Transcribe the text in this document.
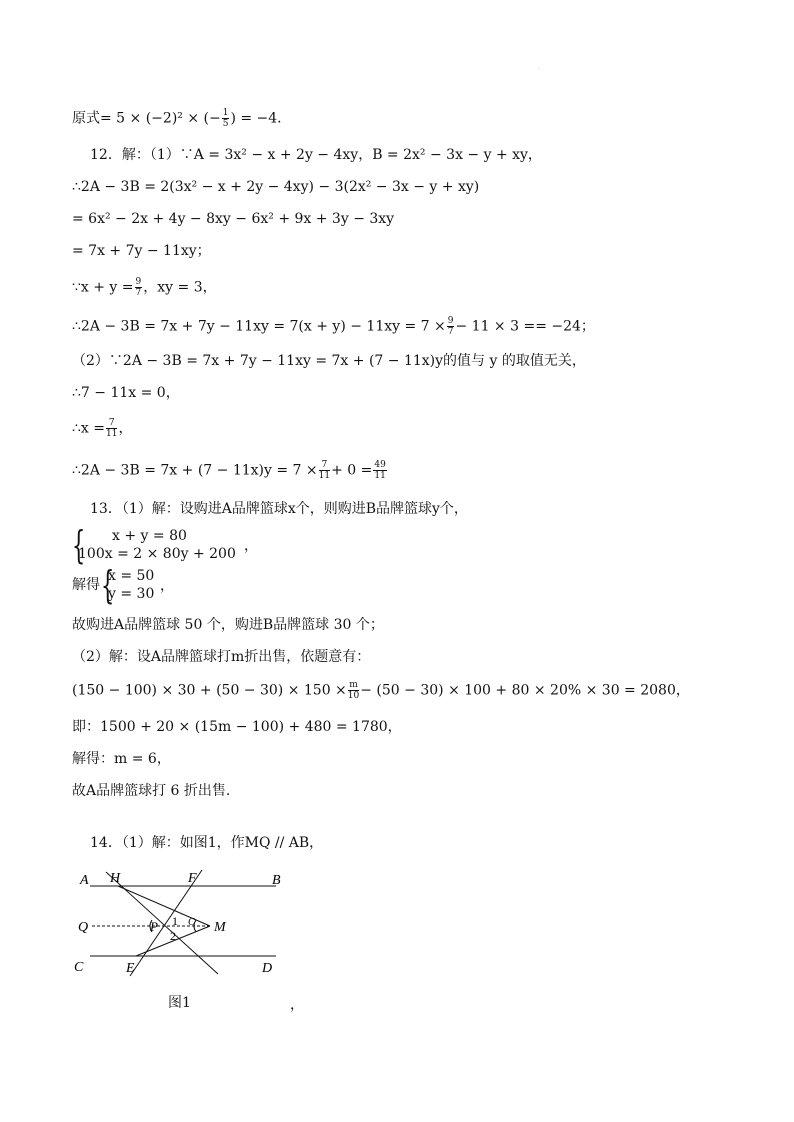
·
原式= 5 × (−2)² × (− $\frac{1}{5}$ ) = −4.
12．解：（1）∵A = 3x² − x + 2y − 4xy，B = 2x² − 3x − y + xy，
∴2A − 3B = 2(3x² − x + 2y − 4xy) − 3(2x² − 3x − y + xy)
= 6x² − 2x + 4y − 8xy − 6x² + 9x + 3y − 3xy
= 7x + 7y − 11xy；
∵x + $y = \frac{9}{7}$ ，xy = 3，
∴2A − $3B = 7x + 7y - 11xy = 7(x + y) - 11xy = 7 \times \frac{9}{7} - 11 \times 3 == -24$；
（2）∵2A − 3B = 7x + 7y − 11xy = 7x + (7 − 11x)y的值与 y 的取值无关，
∴7 − 11x = 0，
∴x = $\frac{7}{11}$ ，
∴2A − $3B = 7x + (7 - 11x)y = 7 \times \frac{7}{11} + 0 = \frac{49}{11}$
13．（1）解：设购进A品牌篮球x个，则购进B品牌篮球y个，
{ x + y = 80
100x = 2 × 80y + 200 ，
解得 {
x = 50
y = 30 ，
故购进A品牌篮球 50 个，购进B品牌篮球 30 个；
（2）解：设A品牌篮球打m折出售，依题意有：
$(150 - 100) \times 30 + (50 - 30) \times 150 \times \frac{m}{10} - (50 - 30) \times 100 + 80 \times 20\% \times 30 = 2080$，
即：1500 + 20 × (15m − 100) + 480 = 1780，
解得：m = 6，
故A品牌篮球打 6 折出售.
14．（1）解：如图1，作MQ // AB，
A H	F	B
Q	P 1
2
C M
C	E	D
图1	，
